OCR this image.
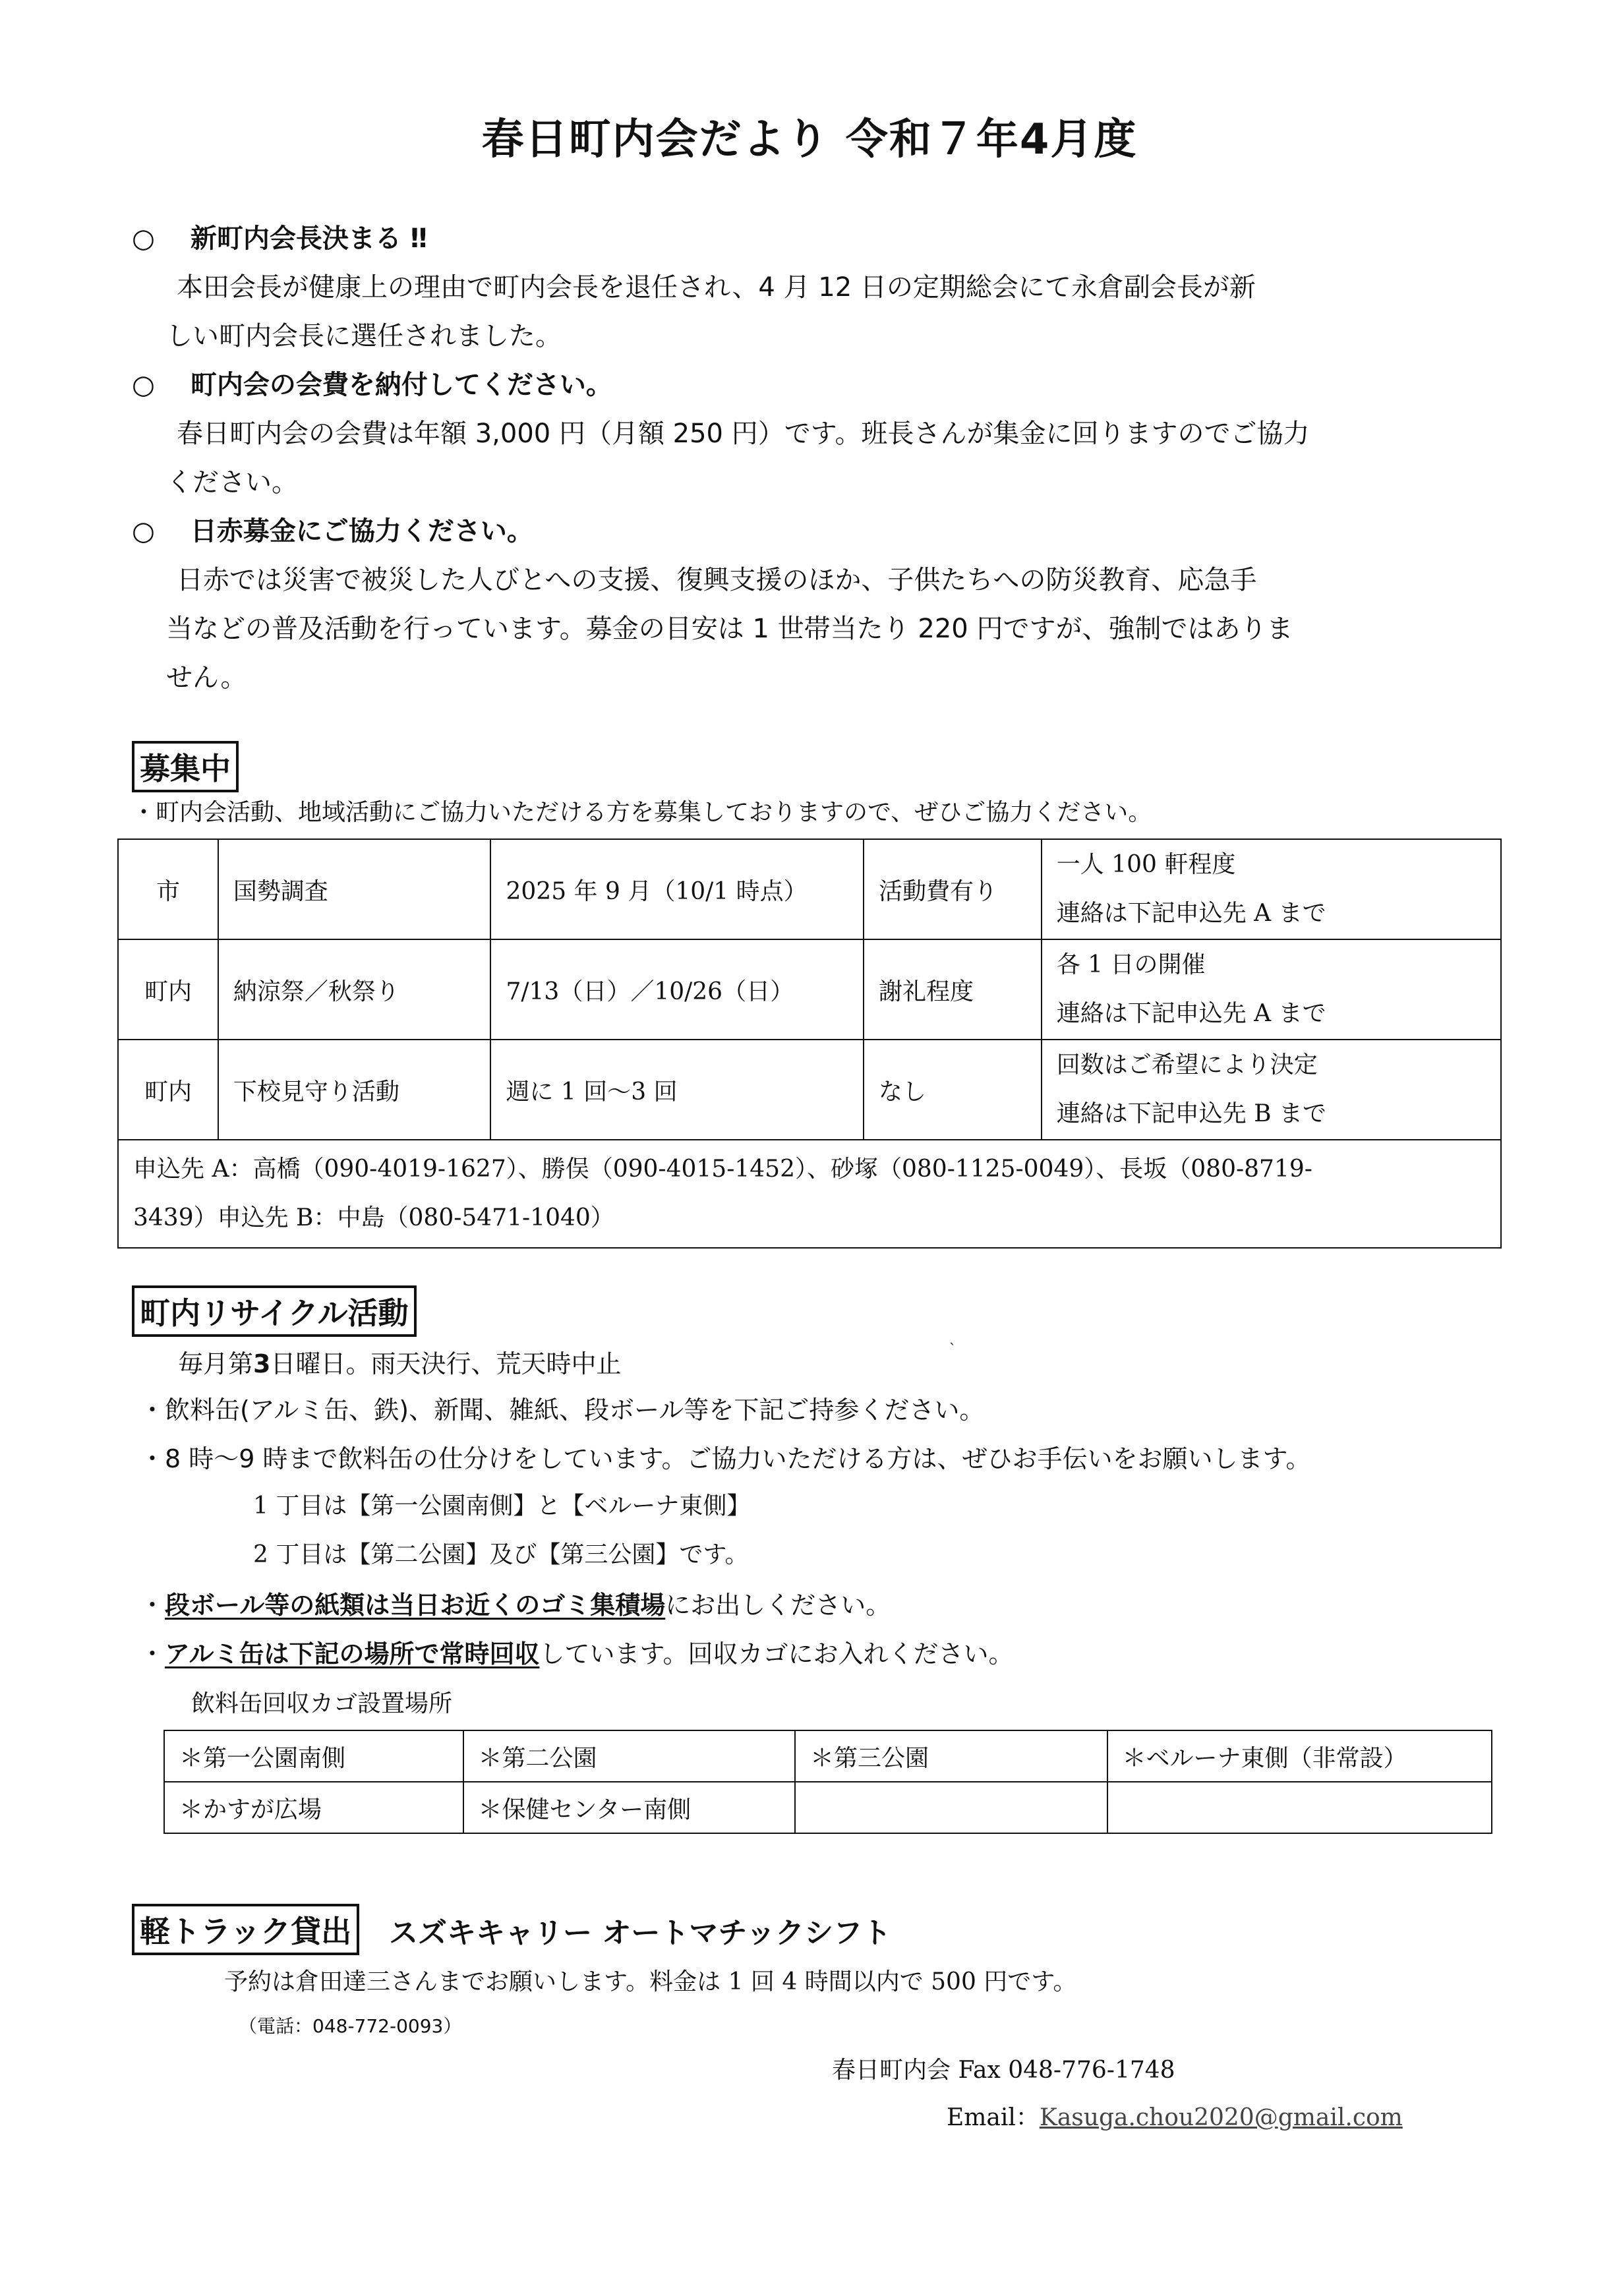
春日町内会だより 令和７年4月度
○ 新町内会長決まる ‼
本田会長が健康上の理由で町内会長を退任され、4 月 12 日の定期総会にて永倉副会長が新
しい町内会長に選任されました。
○ 町内会の会費を納付してください。
春日町内会の会費は年額 3,000 円（月額 250 円）です。班長さんが集金に回りますのでご協力
ください。
○ 日赤募金にご協力ください。
日赤では災害で被災した人びとへの支援、復興支援のほか、子供たちへの防災教育、応急手
当などの普及活動を行っています。募金の目安は 1 世帯当たり 220 円ですが、強制ではありま
せん。
募集中
・町内会活動、地域活動にご協力いただける方を募集しておりますので、ぜひご協力ください。
市	国勢調査	2025 年 9 月（10/1 時点）	活動費有り	一人 100 軒程度
連絡は下記申込先 A まで

町内	納涼祭／秋祭り	7/13（日）／10/26（日）	謝礼程度	各 1 日の開催
連絡は下記申込先 A まで

町内	下校見守り活動	週に 1 回～3 回	なし	回数はご希望により決定
連絡は下記申込先 B まで

申込先 A：高橋（090-4019-1627）、勝俣（090-4015-1452）、砂塚（080-1125-0049）、長坂（080-8719-
3439）申込先 B：中島（080-5471-1040）				
町内リサイクル活動
毎月第3日曜日。雨天決行、荒天時中止
ˋ
・飲料缶(アルミ缶、鉄)、新聞、雑紙、段ボール等を下記ご持参ください。
・8 時～9 時まで飲料缶の仕分けをしています。ご協力いただける方は、ぜひお手伝いをお願いします。
1 丁目は【第一公園南側】と【ベルーナ東側】
2 丁目は【第二公園】及び【第三公園】です。
・段ボール等の紙類は当日お近くのゴミ集積場にお出しください。
・アルミ缶は下記の場所で常時回収しています。回収カゴにお入れください。
飲料缶回収カゴ設置場所
＊第一公園南側	＊第二公園	＊第三公園	＊ベルーナ東側（非常設）
＊かすが広場	＊保健センター南側		
軽トラック貸出 スズキキャリー オートマチックシフト
予約は倉田達三さんまでお願いします。料金は 1 回 4 時間以内で 500 円です。
（電話：048-772-0093）
春日町内会 Fax 048-776-1748
Email：Kasuga.chou2020@gmail.com
